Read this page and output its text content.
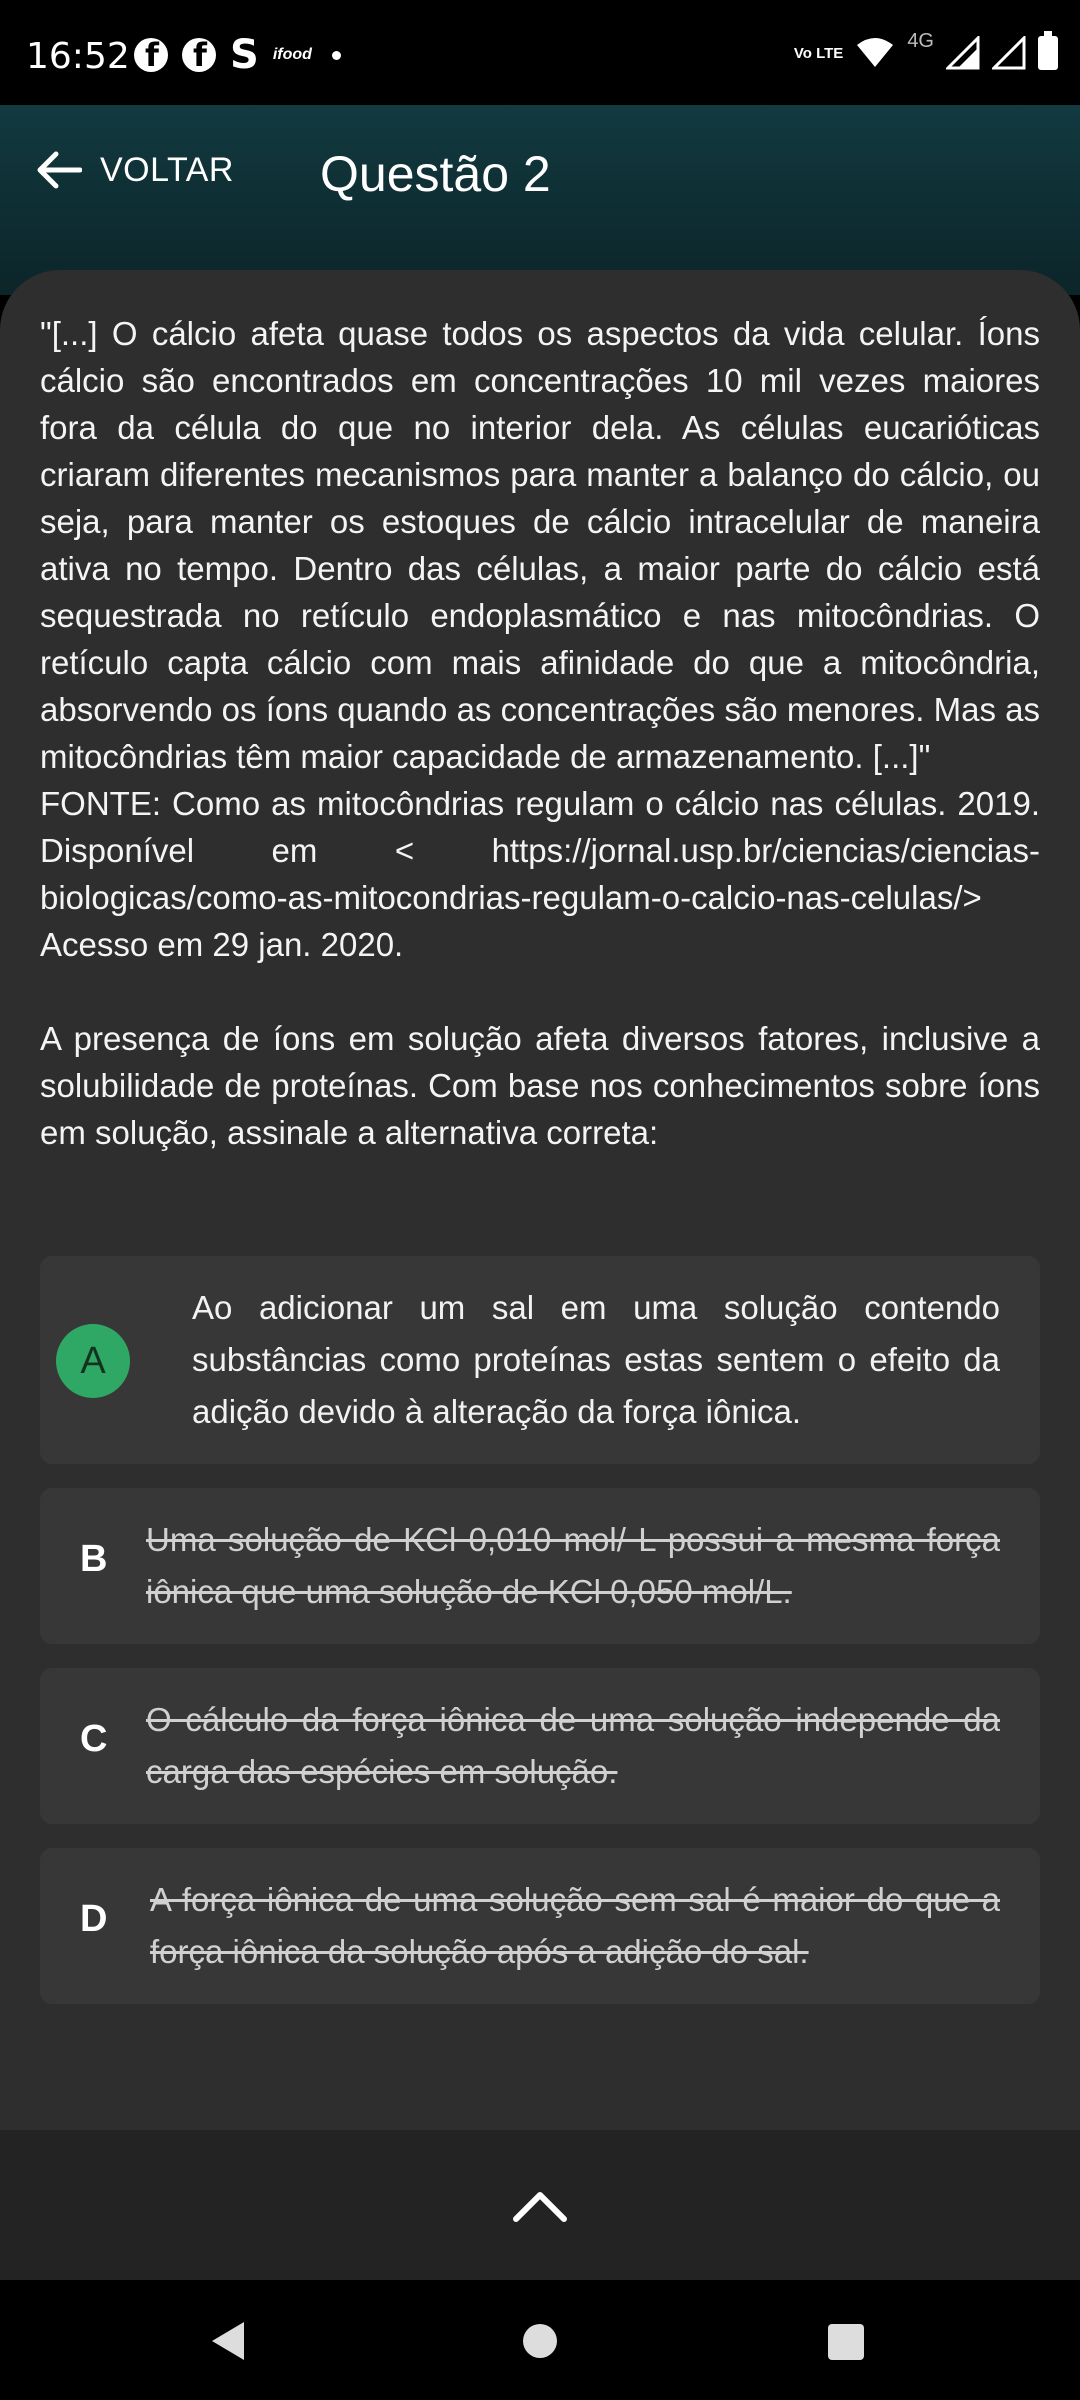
16:52 f f	S ifood	Vo LTE
4G
VOLTAR Questão 2

"[...] O cálcio afeta quase todos os aspectos da vida celular. Íons cálcio são encontrados em concentrações 10 mil vezes maiores fora da célula do que no interior dela. As células eucarióticas criaram diferentes mecanismos para manter a balanço do cálcio, ou seja, para manter os estoques de cálcio intracelular de maneira ativa no tempo. Dentro das células, a maior parte do cálcio está sequestrada no retículo endoplasmático e nas mitocôndrias. O retículo capta cálcio com mais afinidade do que a mitocôndria, absorvendo os íons quando as concentrações são menores. Mas as mitocôndrias têm maior capacidade de armazenamento. [...]"

FONTE: Como as mitocôndrias regulam o cálcio nas células. 2019. Disponível em < https://jornal.usp.br/ciencias/ciencias-biologicas/como-as-mitocondrias-regulam-o-calcio-nas-celulas/> Acesso em 29 jan. 2020.

A presença de íons em solução afeta diversos fatores, inclusive a solubilidade de proteínas. Com base nos conhecimentos sobre íons em solução, assinale a alternativa correta:

A
Ao adicionar um sal em uma solução contendo substâncias como proteínas estas sentem o efeito da adição devido à alteração da força iônica.
B Uma solução de KCl 0,010 mol/ L possui a mesma força iônica que uma solução de KCl 0,050 mol/L.
C O cálculo da força iônica de uma solução independe da carga das espécies em solução.
D A força iônica de uma solução sem sal é maior do que a força iônica da solução após a adição do sal.
